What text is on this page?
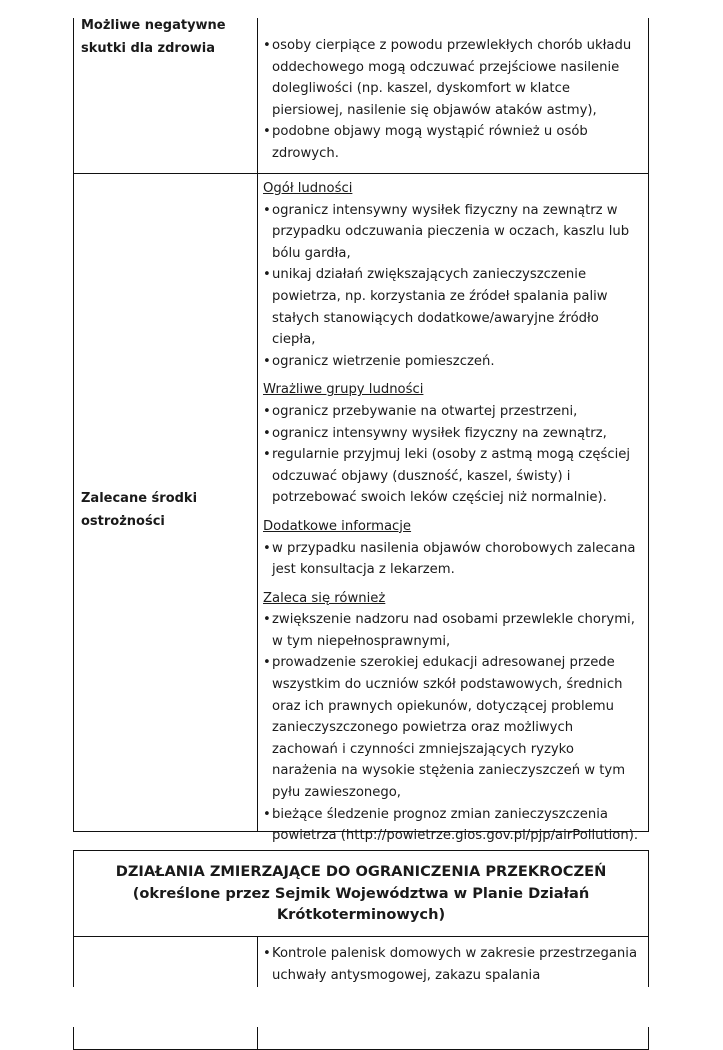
Możliwe negatywne
skutki dla zdrowia

•	osoby cierpiące z powodu przewlekłych chorób układu oddechowego mogą odczuwać przejściowe nasilenie dolegliwości (np. kaszel, dyskomfort w klatce piersiowej, nasilenie się objawów ataków astmy),

• podobne objawy mogą wystąpić również u osób zdrowych.

Zalecane środki ostrożności

Ogół ludności

• ogranicz intensywny wysiłek fizyczny na zewnątrz w przypadku odczuwania pieczenia w oczach, kaszlu lub bólu gardła,

• unikaj działań zwiększających zanieczyszczenie powietrza, np. korzystania ze źródeł spalania paliw stałych stanowiących dodatkowe/awaryjne źródło ciepła,

• ogranicz wietrzenie pomieszczeń.

Wrażliwe grupy ludności

• ogranicz przebywanie na otwartej przestrzeni,

• ogranicz intensywny wysiłek fizyczny na zewnątrz,

• regularnie przyjmuj leki (osoby z astmą mogą częściej odczuwać objawy (duszność, kaszel, świsty) i potrzebować swoich leków częściej niż normalnie).

Dodatkowe informacje

• w przypadku nasilenia objawów chorobowych zalecana jest konsultacja z lekarzem.

Zaleca się również

• zwiększenie nadzoru nad osobami przewlekle chorymi, w tym niepełnosprawnymi,

• prowadzenie szerokiej edukacji adresowanej przede wszystkim do uczniów szkół podstawowych, średnich oraz ich prawnych opiekunów, dotyczącej problemu zanieczyszczonego powietrza oraz możliwych zachowań i czynności zmniejszających ryzyko narażenia na wysokie stężenia zanieczyszczeń w tym pyłu zawieszonego,

• bieżące śledzenie prognoz zmian zanieczyszczenia powietrza (http://powietrze.gios.gov.pl/pjp/airPollution).

DZIAŁANIA ZMIERZAJĄCE DO OGRANICZENIA PRZEKROCZEŃ
(określone przez Sejmik Województwa w Planie Działań
Krótkoterminowych)

• Kontrole palenisk domowych w zakresie przestrzegania uchwały antysmogowej, zakazu spalania
